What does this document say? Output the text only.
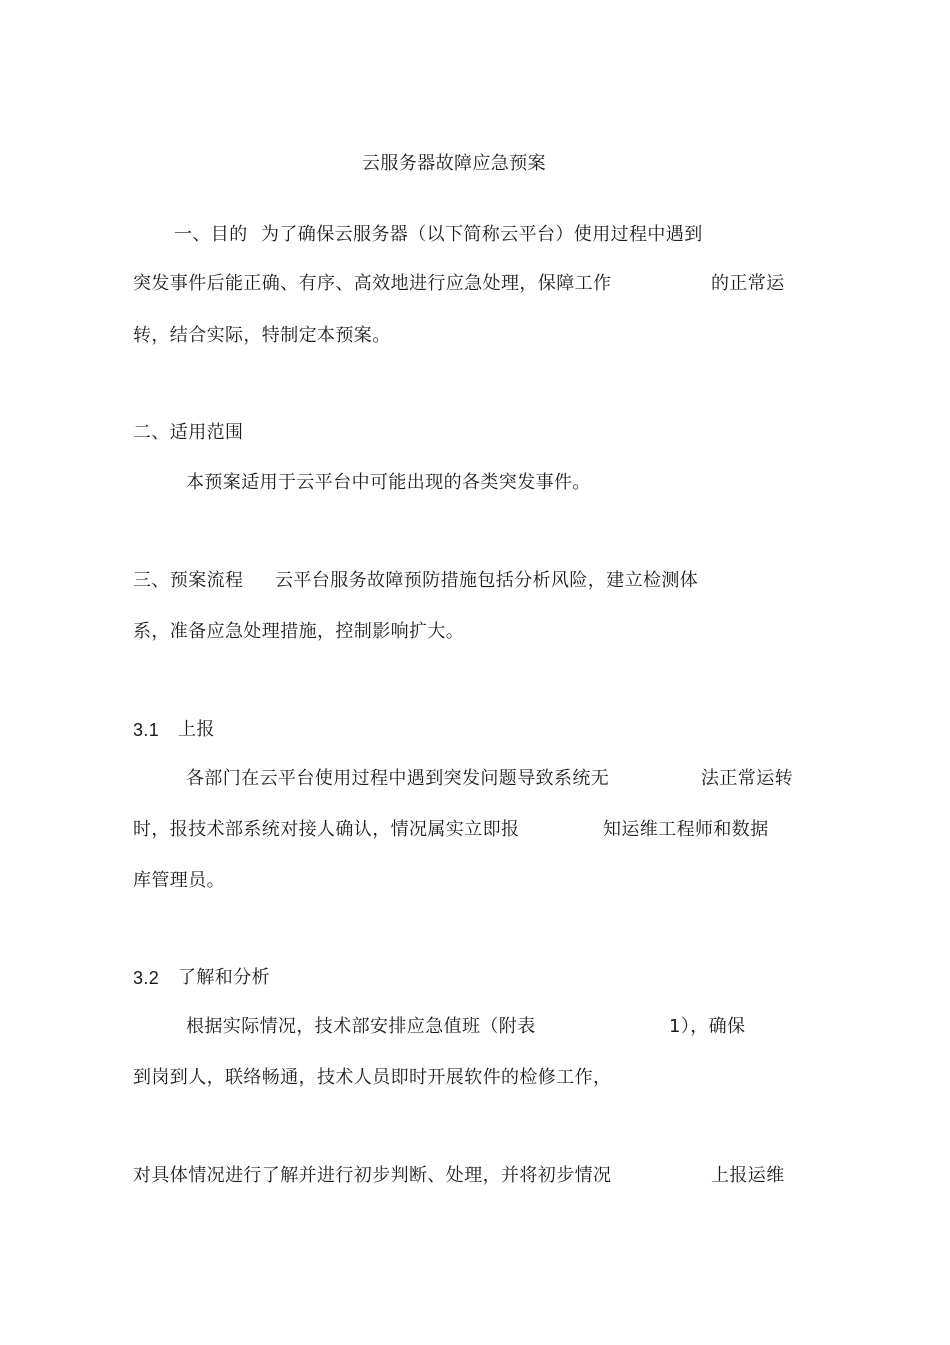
云服务器故障应急预案
一、目的 为了确保云服务器（以下简称云平台）使用过程中遇到
突发事件后能正确、有序、高效地进行应急处理，保障工作	的正常运
转，结合实际，特制定本预案。
二、适用范围
本预案适用于云平台中可能出现的各类突发事件。
三、预案流程 云平台服务故障预防措施包括分析风险，建立检测体
系，准备应急处理措施，控制影响扩大。
3.1 上报
各部门在云平台使用过程中遇到突发问题导致系统无	法正常运转
时，报技术部系统对接人确认，情况属实立即报	知运维工程师和数据
库管理员。
3.2 了解和分析
根据实际情况，技术部安排应急值班（附表	1），确保
到岗到人，联络畅通，技术人员即时开展软件的检修工作，
对具体情况进行了解并进行初步判断、处理，并将初步情况	上报运维
